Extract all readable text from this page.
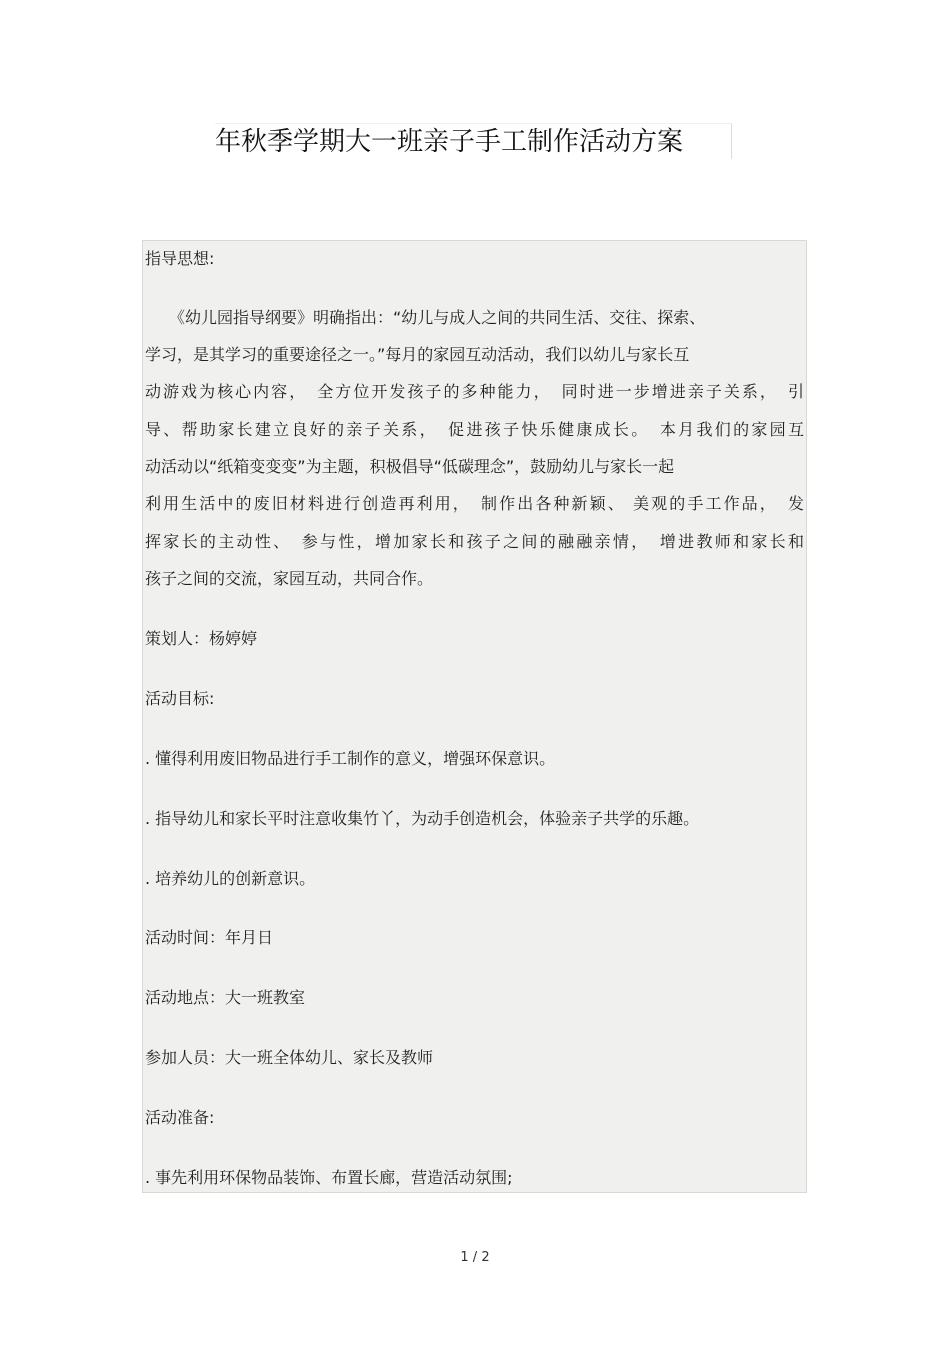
年秋季学期大一班亲子手工制作活动方案
指导思想:
《幼儿园指导纲要》明确指出：“幼儿与成人之间的共同生活、交往、探索、
学习，是其学习的重要途径之一。”每月的家园互动活动，我们以幼儿与家长互
动游戏为核心内容，　全方位开发孩子的多种能力，　同时进一步增进亲子关系，　引
导、帮助家长建立良好的亲子关系，　促进孩子快乐健康成长。　本月我们的家园互
动活动以“纸箱变变变”为主题，积极倡导“低碳理念”，鼓励幼儿与家长一起
利用生活中的废旧材料进行创造再利用，　制作出各种新颖、 美观的手工作品，　发
挥家长的主动性、　参与性，增加家长和孩子之间的融融亲情，　增进教师和家长和
孩子之间的交流，家园互动，共同合作。
策划人：杨婷婷
活动目标:
. 懂得利用废旧物品进行手工制作的意义，增强环保意识。
. 指导幼儿和家长平时注意收集竹丫，为动手创造机会，体验亲子共学的乐趣。
. 培养幼儿的创新意识。
活动时间：年月日
活动地点：大一班教室
参加人员：大一班全体幼儿、家长及教师
活动准备:
. 事先利用环保物品装饰、布置长廊，营造活动氛围;
1 / 2
